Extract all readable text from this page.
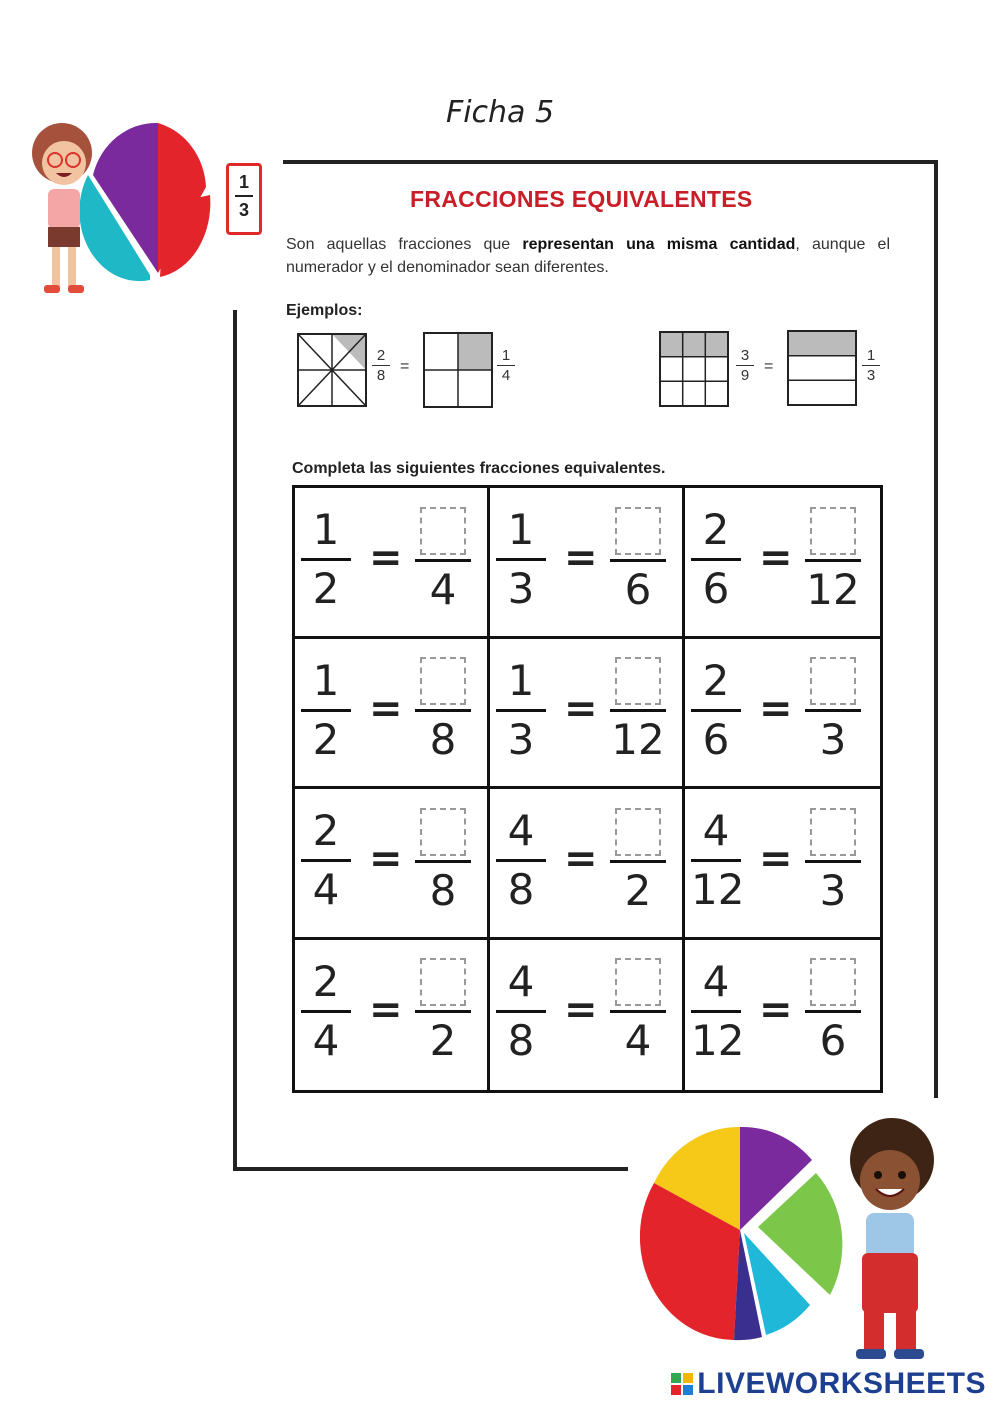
Ficha 5
1
3	FRACCIONES EQUIVALENTES
Son aquellas fracciones que representan una misma cantidad, aunque el numerador y el denominador sean diferentes.
Ejemplos:
2
8
=
1
4
3
9
=
1
3
Completa las siguientes fracciones equivalentes.
1
2
=
4
1
3
=
6
2
6
=
12
1
2
=
8
1
3
=
12
2
6
=
3
2
4
=
8
4
8
=
2
4
12
=
3
2
4
=
2
4
8
=
4
4
12
=
6
LIVEWORKSHEETS
